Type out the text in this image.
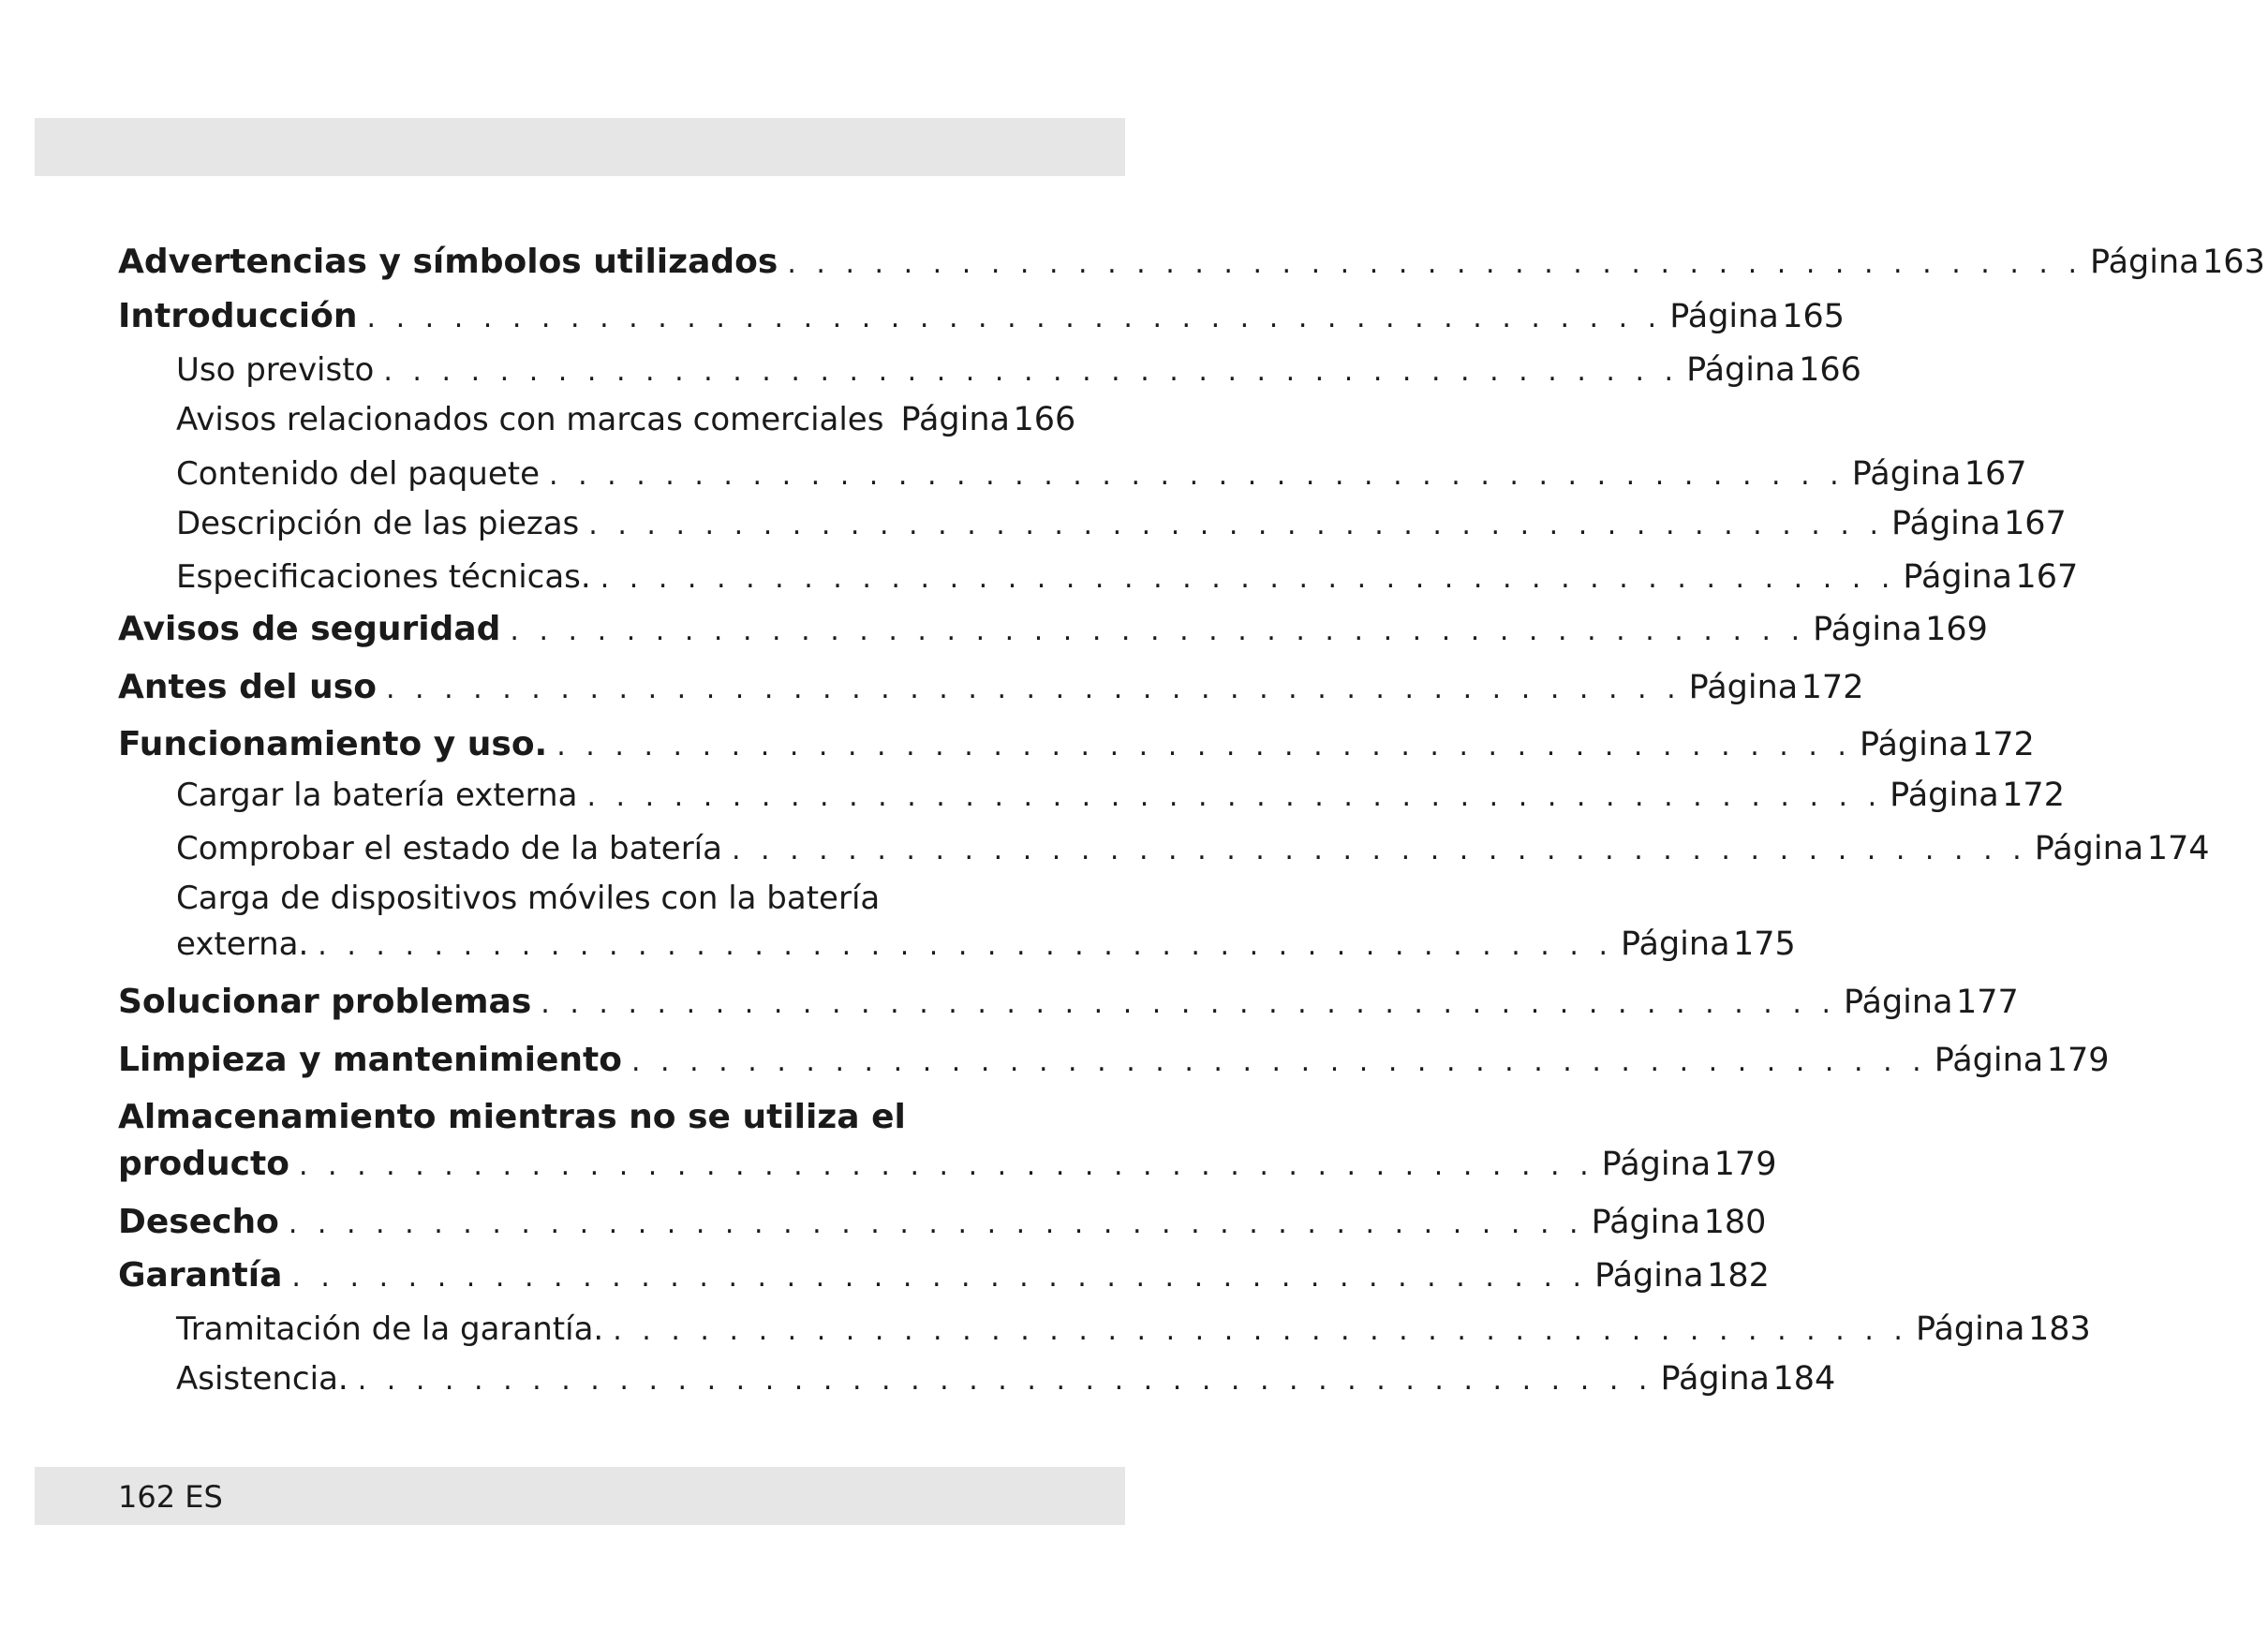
Advertencias y símbolos utilizados . . . . . . . . . . . . . . . . . . . . . . . . . . . . . . . . . . . . . . . . . . . . . Página 163
Introducción . . . . . . . . . . . . . . . . . . . . . . . . . . . . . . . . . . . . . . . . . . . . . Página 165
Uso previsto . . . . . . . . . . . . . . . . . . . . . . . . . . . . . . . . . . . . . . . . . . . . . Página 166
Avisos relacionados con marcas comerciales Página 166
Contenido del paquete . . . . . . . . . . . . . . . . . . . . . . . . . . . . . . . . . . . . . . . . . . . . . Página 167
Descripción de las piezas . . . . . . . . . . . . . . . . . . . . . . . . . . . . . . . . . . . . . . . . . . . . . Página 167
Especificaciones técnicas. . . . . . . . . . . . . . . . . . . . . . . . . . . . . . . . . . . . . . . . . . . . . . Página 167
Avisos de seguridad . . . . . . . . . . . . . . . . . . . . . . . . . . . . . . . . . . . . . . . . . . . . . Página 169
Antes del uso . . . . . . . . . . . . . . . . . . . . . . . . . . . . . . . . . . . . . . . . . . . . . Página 172
Funcionamiento y uso. . . . . . . . . . . . . . . . . . . . . . . . . . . . . . . . . . . . . . . . . . . . . . Página 172
Cargar la batería externa . . . . . . . . . . . . . . . . . . . . . . . . . . . . . . . . . . . . . . . . . . . . . Página 172
Comprobar el estado de la batería . . . . . . . . . . . . . . . . . . . . . . . . . . . . . . . . . . . . . . . . . . . . . Página 174
Carga de dispositivos móviles con la batería
externa. . . . . . . . . . . . . . . . . . . . . . . . . . . . . . . . . . . . . . . . . . . . . . Página 175
Solucionar problemas . . . . . . . . . . . . . . . . . . . . . . . . . . . . . . . . . . . . . . . . . . . . . Página 177
Limpieza y mantenimiento . . . . . . . . . . . . . . . . . . . . . . . . . . . . . . . . . . . . . . . . . . . . . Página 179
Almacenamiento mientras no se utiliza el
producto . . . . . . . . . . . . . . . . . . . . . . . . . . . . . . . . . . . . . . . . . . . . . Página 179
Desecho . . . . . . . . . . . . . . . . . . . . . . . . . . . . . . . . . . . . . . . . . . . . . Página 180
Garantía . . . . . . . . . . . . . . . . . . . . . . . . . . . . . . . . . . . . . . . . . . . . . Página 182
Tramitación de la garantía. . . . . . . . . . . . . . . . . . . . . . . . . . . . . . . . . . . . . . . . . . . . . . Página 183
Asistencia. . . . . . . . . . . . . . . . . . . . . . . . . . . . . . . . . . . . . . . . . . . . . . Página 184
162 ES
